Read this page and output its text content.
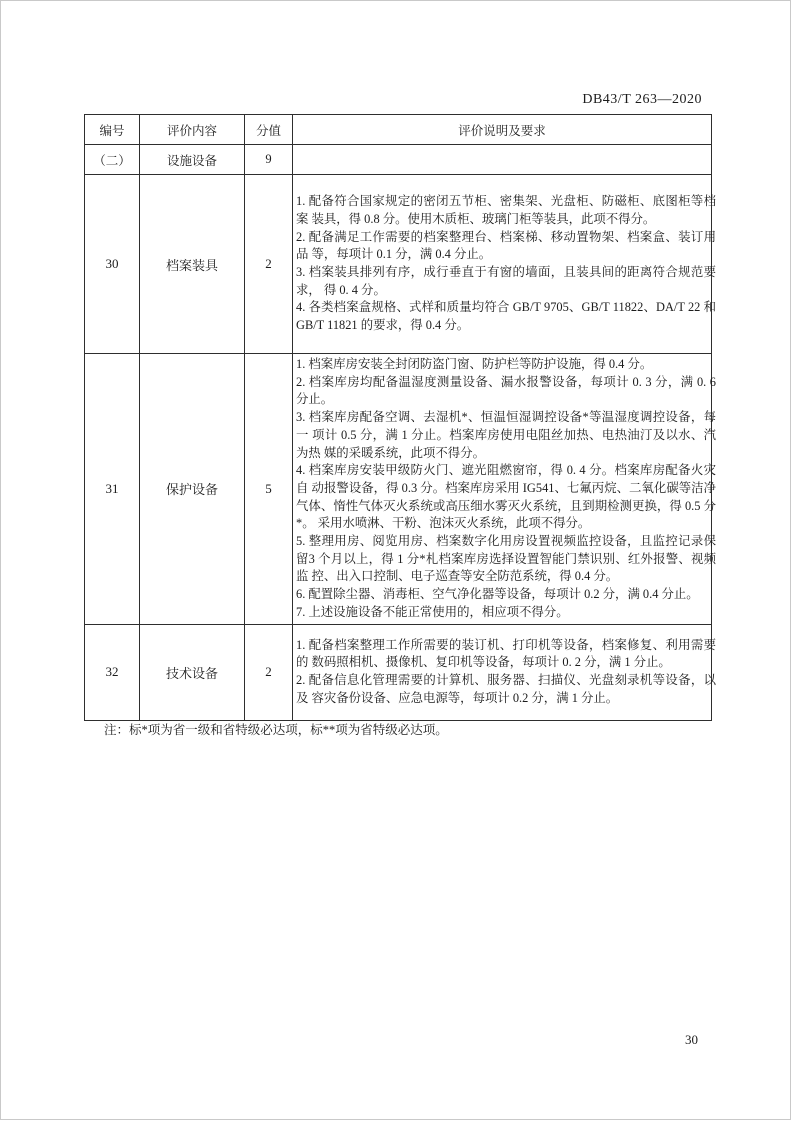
DB43/T 263—2020
编号	评价内容	分值	评价说明及要求
（二）	设施设备	9	
30	档案装具	2	1. 配备符合国家规定的密闭五节柜、密集架、光盘柜、防磁柜、底图柜等档案 装具，得 0.8 分。使用木质柜、玻璃门柜等装具，此项不得分。

2. 配备满足工作需要的档案整理台、档案梯、移动置物架、档案盒、装订用品 等，每项计 0.1 分，满 0.4 分止。

3. 档案装具排列有序，成行垂直于有窗的墙面，且装具间的距离符合规范要求， 得 0. 4 分。

4. 各类档案盒规格、式样和质量均符合 GB/T 9705、GB/T 11822、DA/T 22 和 GB/T 11821 的要求，得 0.4 分。

31	保护设备	5	

1. 档案库房安装全封闭防盗门窗、防护栏等防护设施，得 0.4 分。

2. 档案库房均配备温湿度测量设备、漏水报警设备，每项计 0. 3 分，满 0. 6 分止。

3. 档案库房配备空调、去湿机*、恒温恒湿调控设备*等温湿度调控设备，每一 项计 0.5 分，满 1 分止。档案库房使用电阻丝加热、电热油汀及以水、汽为热 媒的采暖系统，此项不得分。

4. 档案库房安装甲级防火门、遮光阻燃窗帘，得 0. 4 分。档案库房配备火灾自 动报警设备，得 0.3 分。档案库房采用 IG541、七氟丙烷、二氧化碳等洁净气体、惰性气体灭火系统或高压细水雾灭火系统，且到期检测更换，得 0.5 分*。 采用水喷淋、干粉、泡沫灭火系统，此项不得分。

5. 整理用房、阅览用房、档案数字化用房设置视频监控设备，且监控记录保留3 个月以上，得 1 分*札档案库房选择设置智能门禁识别、红外报警、视频监 控、出入口控制、电子巡查等安全防范系统，得 0.4 分。

6. 配置除尘器、消毒柜、空气净化器等设备，每项计 0.2 分，满 0.4 分止。

7. 上述设施设备不能正常使用的，相应项不得分。

32	技术设备	2	1. 配备档案整理工作所需要的装订机、打印机等设备，档案修复、利用需要的 数码照相机、摄像机、复印机等设备，每项计 0. 2 分，满 1 分止。

2. 配备信息化管理需要的计算机、服务器、扫描仪、光盘刻录机等设备，以及 容灾备份设备、应急电源等，每项计 0.2 分，满 1 分止。

注：标*项为省一级和省特级必达项，标**项为省特级必达项。
30
